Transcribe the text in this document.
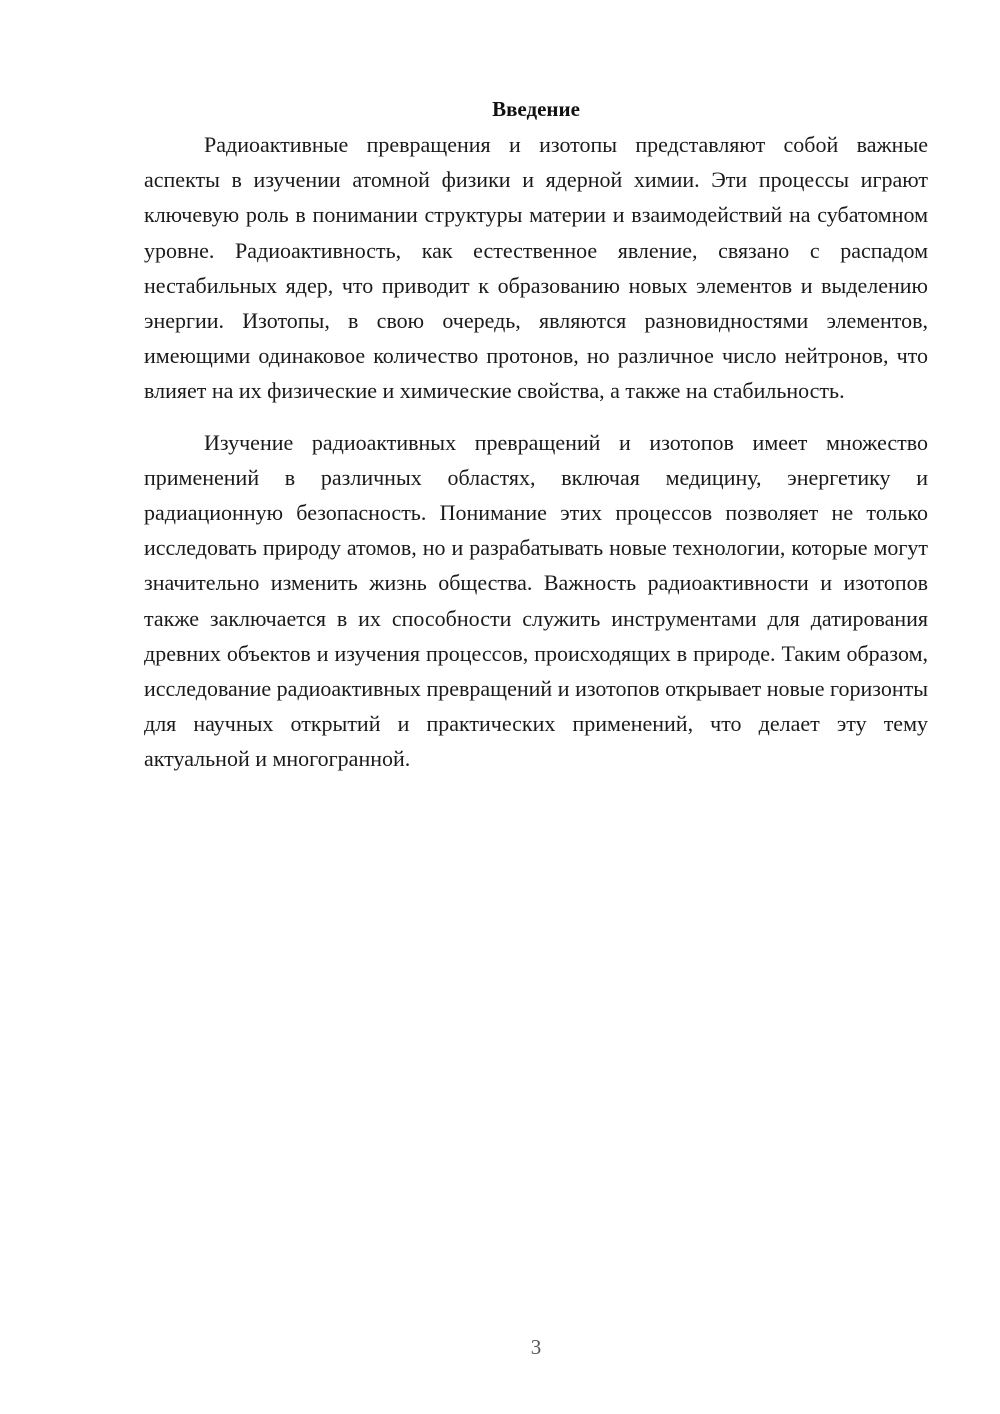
Введение

Радиоактивные превращения и изотопы представляют собой важные аспекты в изучении атомной физики и ядерной химии. Эти процессы играют ключевую роль в понимании структуры материи и взаимодействий на субатомном уровне. Радиоактивность, как естественное явление, связано с распадом нестабильных ядер, что приводит к образованию новых элементов и выделению энергии. Изотопы, в свою очередь, являются разновидностями элементов, имеющими одинаковое количество протонов, но различное число нейтронов, что влияет на их физические и химические свойства, а также на стабильность.

Изучение радиоактивных превращений и изотопов имеет множество применений в различных областях, включая медицину, энергетику и радиационную безопасность. Понимание этих процессов позволяет не только исследовать природу атомов, но и разрабатывать новые технологии, которые могут значительно изменить жизнь общества. Важность радиоактивности и изотопов также заключается в их способности служить инструментами для датирования древних объектов и изучения процессов, происходящих в природе. Таким образом, исследование радиоактивных превращений и изотопов открывает новые горизонты для научных открытий и практических применений, что делает эту тему актуальной и многогранной.

3
